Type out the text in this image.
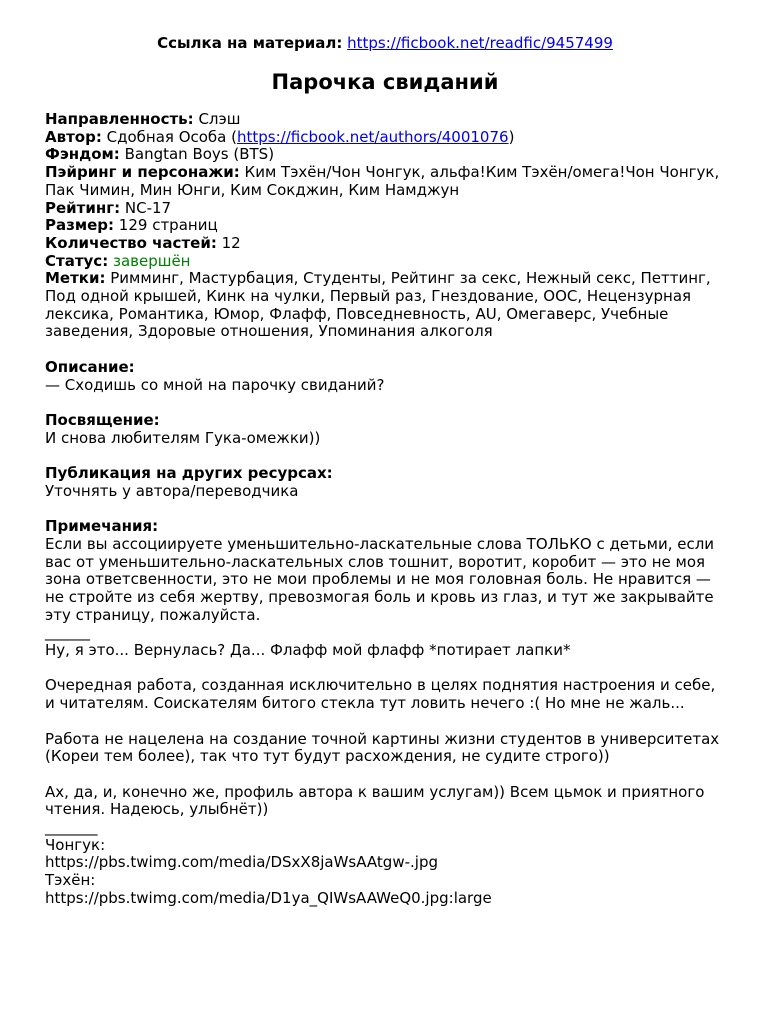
Ссылка на материал: https://ficbook.net/readfic/9457499
Парочка свиданий
Направленность: Слэш
Автор: Сдобная Особа (https://ficbook.net/authors/4001076)
Фэндом: Bangtan Boys (BTS)
Пэйринг и персонажи: Ким Тэхён/Чон Чонгук, альфа!Ким Тэхён/омега!Чон Чонгук, Пак Чимин, Мин Юнги, Ким Сокджин, Ким Намджун
Рейтинг: NC-17
Размер: 129 страниц
Количество частей: 12
Статус: завершён
Метки: Римминг, Мастурбация, Студенты, Рейтинг за секс, Нежный секс, Петтинг, Под одной крышей, Кинк на чулки, Первый раз, Гнездование, ООС, Нецензурная лексика, Романтика, Юмор, Флафф, Повседневность, AU, Омегаверс, Учебные заведения, Здоровые отношения, Упоминания алкоголя
Описание:
— Сходишь со мной на парочку свиданий?
Посвящение:
И снова любителям Гука-омежки))
Публикация на других ресурсах:
Уточнять у автора/переводчика
Примечания:
Если вы ассоциируете уменьшительно-ласкательные слова ТОЛЬКО с детьми, если вас от уменьшительно-ласкательных слов тошнит, воротит, коробит — это не моя зона ответсвенности, это не мои проблемы и не моя головная боль. Не нравится — не стройте из себя жертву, превозмогая боль и кровь из глаз, и тут же закрывайте эту страницу, пожалуйста.
______
Ну, я это... Вернулась? Да... Флафф мой флафф *потирает лапки*
Очередная работа, созданная исключительно в целях поднятия настроения и себе, и читателям. Соискателям битого стекла тут ловить нечего :( Но мне не жаль...
Работа не нацелена на создание точной картины жизни студентов в университетах (Кореи тем более), так что тут будут расхождения, не судите строго))
Ах, да, и, конечно же, профиль автора к вашим услугам)) Всем цьмок и приятного чтения. Надеюсь, улыбнёт))
_______
Чонгук:
https://pbs.twimg.com/media/DSxX8jaWsAAtgw-.jpg
Тэхён:
https://pbs.twimg.com/media/D1ya_QIWsAAWeQ0.jpg:large
